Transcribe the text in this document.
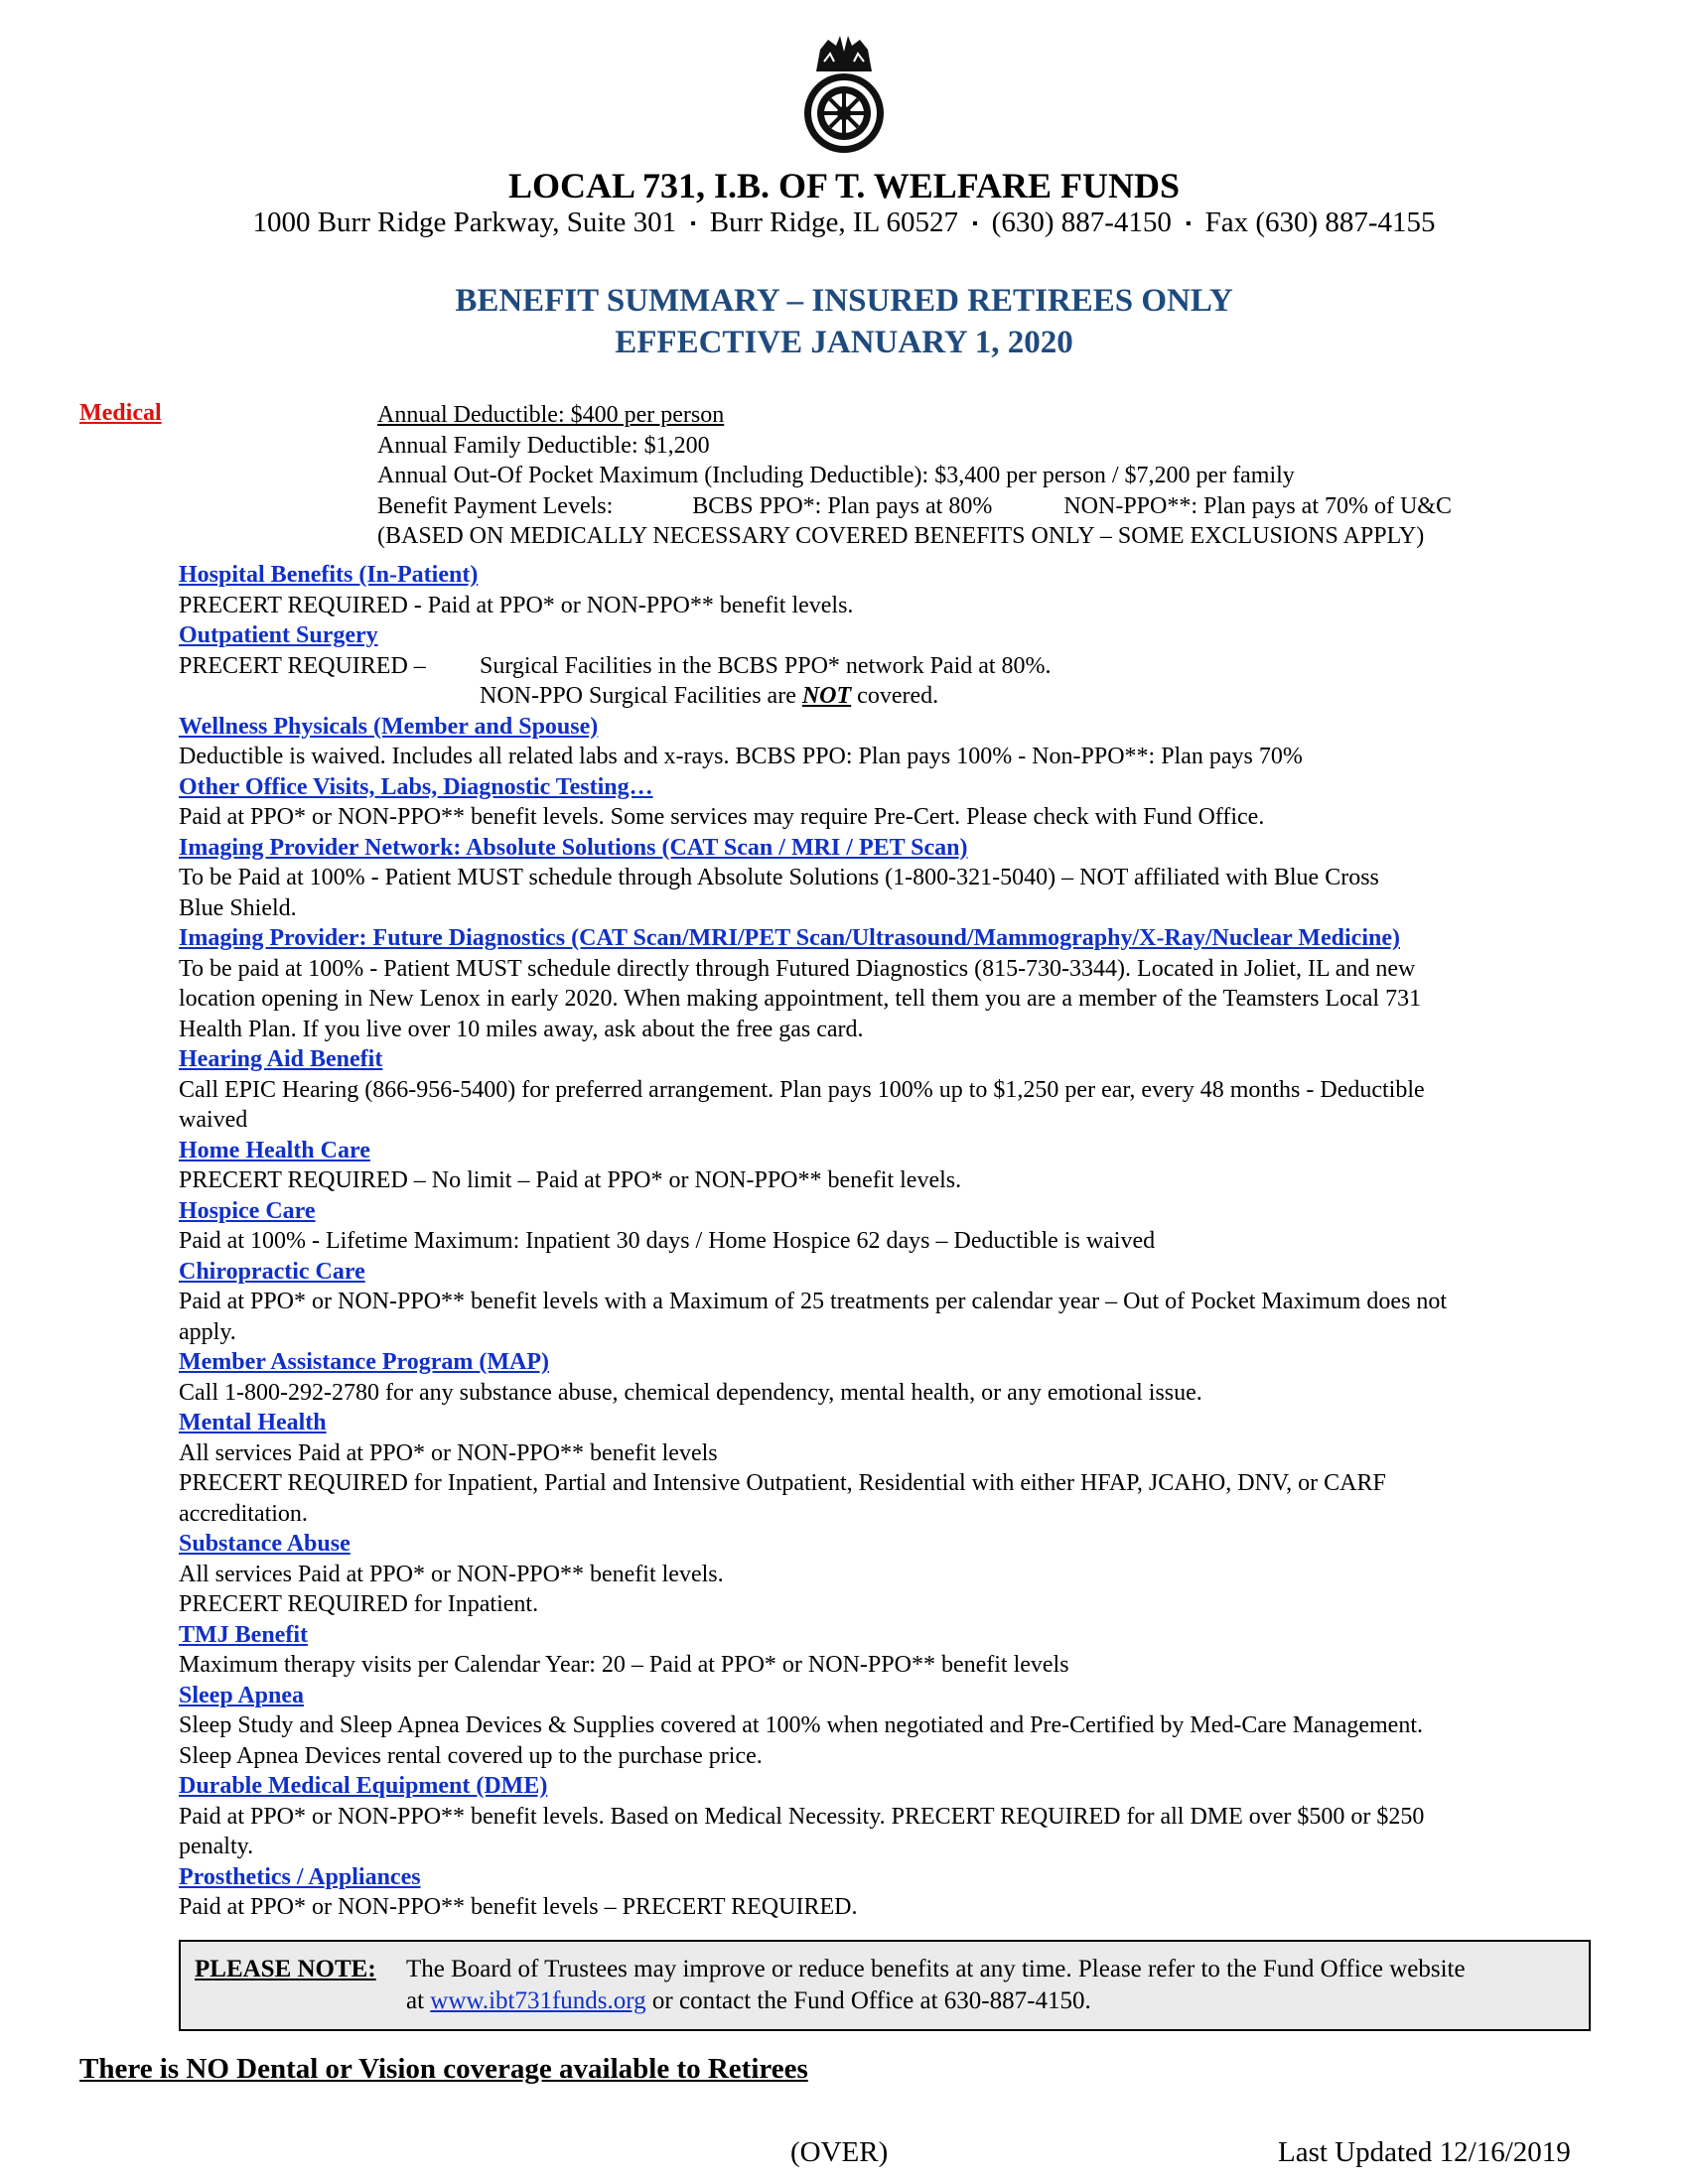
LOCAL 731, I.B. OF T. WELFARE FUNDS
1000 Burr Ridge Parkway, Suite 301 ▪ Burr Ridge, IL 60527 ▪ (630) 887-4150 ▪ Fax (630) 887-4155
BENEFIT SUMMARY – INSURED RETIREES ONLY
EFFECTIVE JANUARY 1, 2020
Medical	Annual Deductible: $400 per person
Annual Family Deductible: $1,200
Annual Out-Of Pocket Maximum (Including Deductible): $3,400 per person / $7,200 per family
Benefit Payment Levels:	BCBS PPO*: Plan pays at 80%	NON-PPO**: Plan pays at 70% of U&C
(BASED ON MEDICALLY NECESSARY COVERED BENEFITS ONLY – SOME EXCLUSIONS APPLY)
Hospital Benefits (In-Patient)
PRECERT REQUIRED - Paid at PPO* or NON-PPO** benefit levels.
Outpatient Surgery
PRECERT REQUIRED –	Surgical Facilities in the BCBS PPO* network Paid at 80%.
NON-PPO Surgical Facilities are NOT covered.
Wellness Physicals (Member and Spouse)
Deductible is waived. Includes all related labs and x-rays. BCBS PPO: Plan pays 100% - Non-PPO**: Plan pays 70%
Other Office Visits, Labs, Diagnostic Testing…
Paid at PPO* or NON-PPO** benefit levels. Some services may require Pre-Cert. Please check with Fund Office.
Imaging Provider Network: Absolute Solutions (CAT Scan / MRI / PET Scan)
To be Paid at 100% - Patient MUST schedule through Absolute Solutions (1-800-321-5040) – NOT affiliated with Blue Cross
Blue Shield.
Imaging Provider: Future Diagnostics (CAT Scan/MRI/PET Scan/Ultrasound/Mammography/X-Ray/Nuclear Medicine)
To be paid at 100% - Patient MUST schedule directly through Futured Diagnostics (815-730-3344). Located in Joliet, IL and new
location opening in New Lenox in early 2020. When making appointment, tell them you are a member of the Teamsters Local 731
Health Plan. If you live over 10 miles away, ask about the free gas card.
Hearing Aid Benefit
Call EPIC Hearing (866-956-5400) for preferred arrangement. Plan pays 100% up to $1,250 per ear, every 48 months - Deductible
waived
Home Health Care
PRECERT REQUIRED – No limit – Paid at PPO* or NON-PPO** benefit levels.
Hospice Care
Paid at 100% - Lifetime Maximum: Inpatient 30 days / Home Hospice 62 days – Deductible is waived
Chiropractic Care
Paid at PPO* or NON-PPO** benefit levels with a Maximum of 25 treatments per calendar year – Out of Pocket Maximum does not
apply.
Member Assistance Program (MAP)
Call 1-800-292-2780 for any substance abuse, chemical dependency, mental health, or any emotional issue.
Mental Health
All services Paid at PPO* or NON-PPO** benefit levels
PRECERT REQUIRED for Inpatient, Partial and Intensive Outpatient, Residential with either HFAP, JCAHO, DNV, or CARF
accreditation.
Substance Abuse
All services Paid at PPO* or NON-PPO** benefit levels.
PRECERT REQUIRED for Inpatient.
TMJ Benefit
Maximum therapy visits per Calendar Year: 20 – Paid at PPO* or NON-PPO** benefit levels
Sleep Apnea
Sleep Study and Sleep Apnea Devices & Supplies covered at 100% when negotiated and Pre-Certified by Med-Care Management.
Sleep Apnea Devices rental covered up to the purchase price.
Durable Medical Equipment (DME)
Paid at PPO* or NON-PPO** benefit levels. Based on Medical Necessity. PRECERT REQUIRED for all DME over $500 or $250
penalty.
Prosthetics / Appliances
Paid at PPO* or NON-PPO** benefit levels – PRECERT REQUIRED.
PLEASE NOTE:	The Board of Trustees may improve or reduce benefits at any time. Please refer to the Fund Office website
at www.ibt731funds.org or contact the Fund Office at 630-887-4150.
There is NO Dental or Vision coverage available to Retirees
(OVER)	Last Updated 12/16/2019
